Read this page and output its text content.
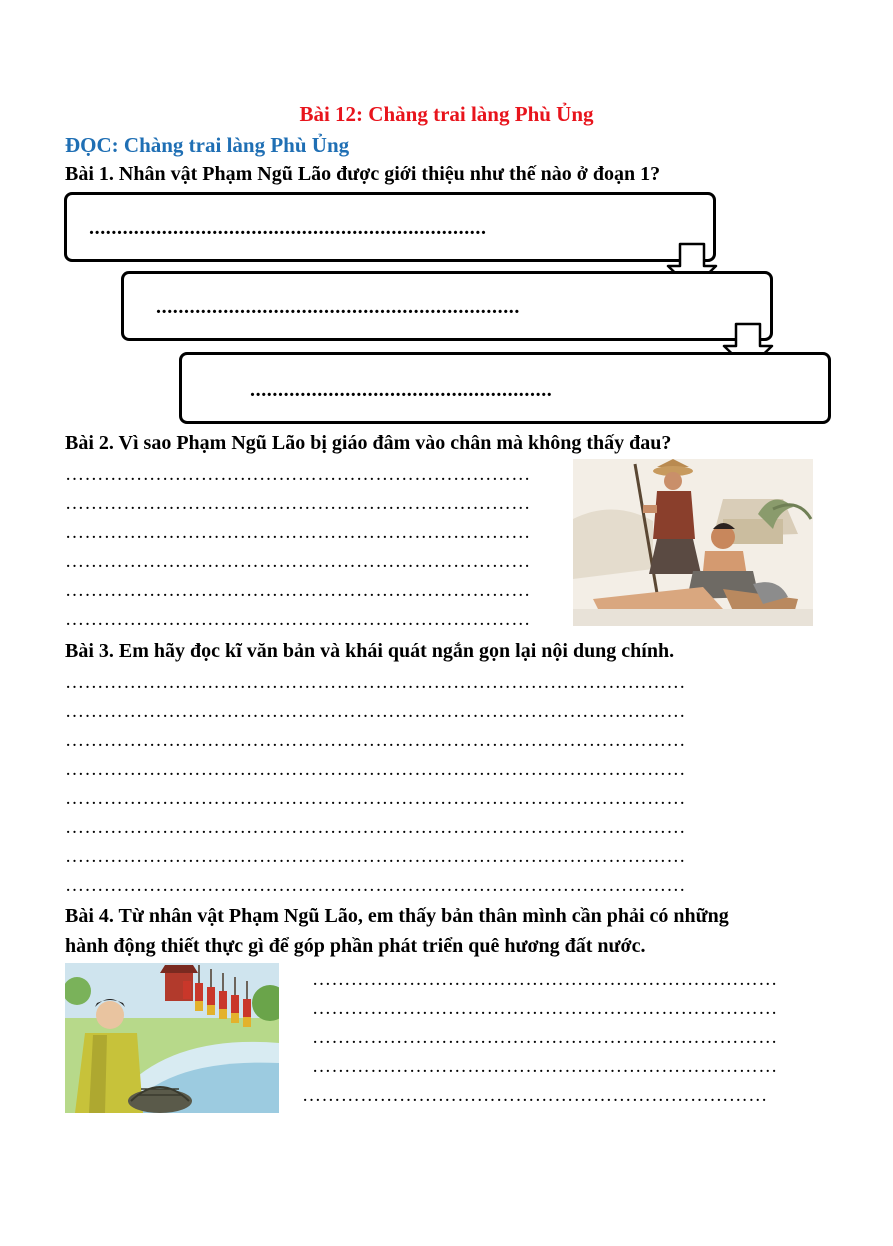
Bài 12: Chàng trai làng Phù Ủng
ĐỌC: Chàng trai làng Phù Ủng
Bài 1. Nhân vật Phạm Ngũ Lão được giới thiệu như thế nào ở đoạn 1?
.......................................................................
.................................................................
......................................................
Bài 2. Vì sao Phạm Ngũ Lão bị giáo đâm vào chân mà không thấy đau?
………………………………………………………………
………………………………………………………………
………………………………………………………………
………………………………………………………………
………………………………………………………………
………………………………………………………………
Bài 3. Em hãy đọc kĩ văn bản và khái quát ngắn gọn lại nội dung chính.
……………………………………………………………………………………
……………………………………………………………………………………
……………………………………………………………………………………
……………………………………………………………………………………
……………………………………………………………………………………
……………………………………………………………………………………
……………………………………………………………………………………
……………………………………………………………………………………
Bài 4. Từ nhân vật Phạm Ngũ Lão, em thấy bản thân mình cần phải có những
hành động thiết thực gì để góp phần phát triển quê hương đất nước.
………………………………………………………………
………………………………………………………………
………………………………………………………………
………………………………………………………………
………………………………………………………………
